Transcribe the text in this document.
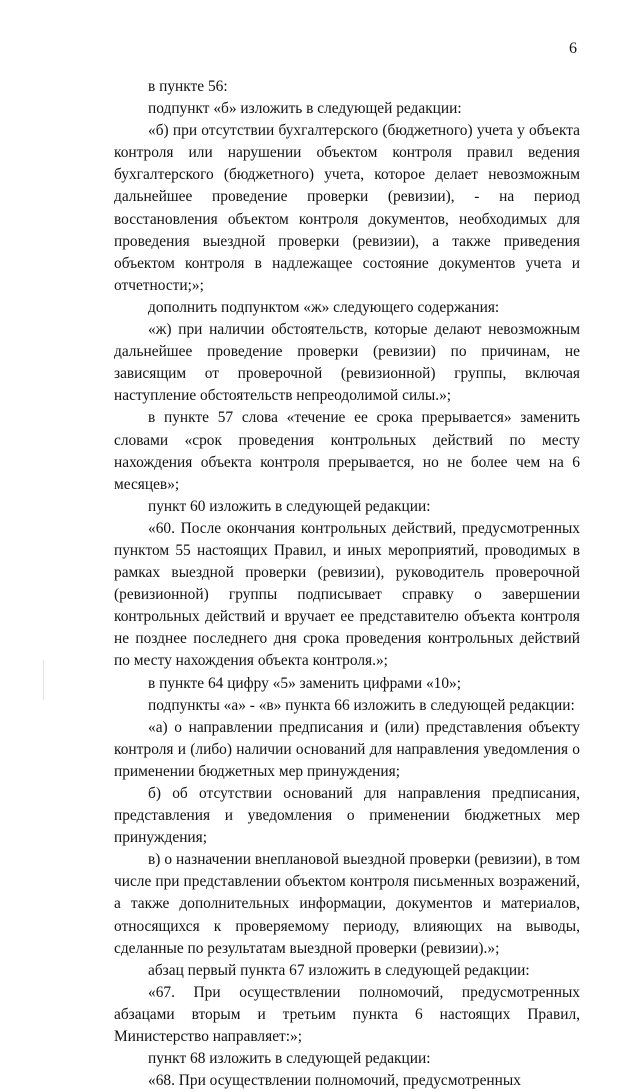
6

в пункте 56:

подпункт «б» изложить в следующей редакции:

«б) при отсутствии бухгалтерского (бюджетного) учета у объекта контроля или нарушении объектом контроля правил ведения бухгалтерского (бюджетного) учета, которое делает невозможным дальнейшее проведение проверки (ревизии), - на период восстановления объектом контроля документов, необходимых для проведения выездной проверки (ревизии), а также приведения объектом контроля в надлежащее состояние документов учета и отчетности;»;

дополнить подпунктом «ж» следующего содержания:

«ж) при наличии обстоятельств, которые делают невозможным дальнейшее проведение проверки (ревизии) по причинам, не зависящим от проверочной (ревизионной) группы, включая наступление обстоятельств непреодолимой силы.»;

в пункте 57 слова «течение ее срока прерывается» заменить словами «срок проведения контрольных действий по месту нахождения объекта контроля прерывается, но не более чем на 6 месяцев»;

пункт 60 изложить в следующей редакции:

«60. После окончания контрольных действий, предусмотренных пунктом 55 настоящих Правил, и иных мероприятий, проводимых в рамках выездной проверки (ревизии), руководитель проверочной (ревизионной) группы подписывает справку о завершении контрольных действий и вручает ее представителю объекта контроля не позднее последнего дня срока проведения контрольных действий по месту нахождения объекта контроля.»;

в пункте 64 цифру «5» заменить цифрами «10»;

подпункты «а» - «в» пункта 66 изложить в следующей редакции:

«а) о направлении предписания и (или) представления объекту контроля и (либо) наличии оснований для направления уведомления о применении бюджетных мер принуждения;

б) об отсутствии оснований для направления предписания, представления и уведомления о применении бюджетных мер принуждения;

в) о назначении внеплановой выездной проверки (ревизии), в том числе при представлении объектом контроля письменных возражений, а также дополнительных информации, документов и материалов, относящихся к проверяемому периоду, влияющих на выводы, сделанные по результатам выездной проверки (ревизии).»;

абзац первый пункта 67 изложить в следующей редакции:

«67. При осуществлении полномочий, предусмотренных абзацами вторым и третьим пункта 6 настоящих Правил, Министерство направляет:»;

пункт 68 изложить в следующей редакции:

«68. При осуществлении полномочий, предусмотренных
